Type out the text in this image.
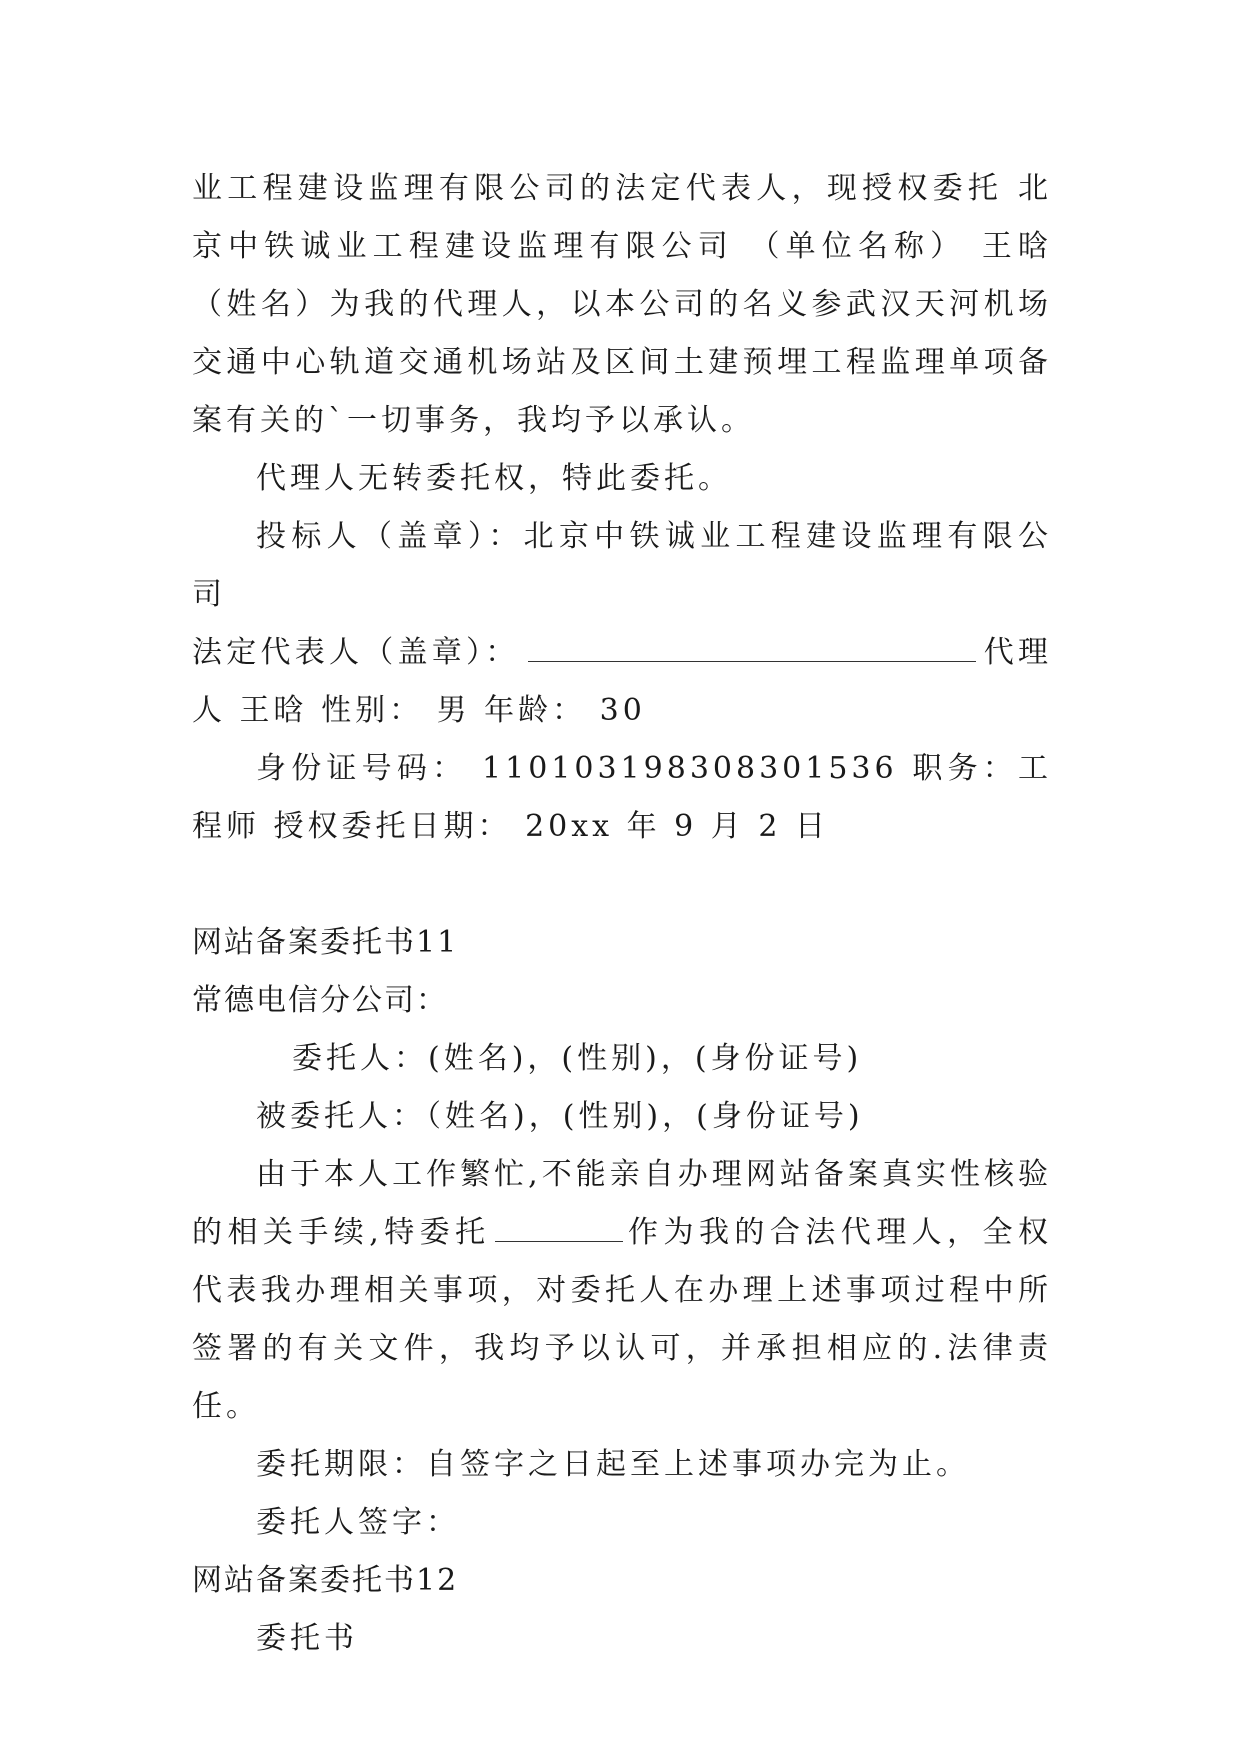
业工程建设监理有限公司的法定代表人，现授权委托 北京中铁诚业工程建设监理有限公司 （单位名称） 王晗 （姓名）为我的代理人，以本公司的名义参武汉天河机场交通中心轨道交通机场站及区间土建预埋工程监理单项备案有关的`一切事务，我均予以承认。

代理人无转委托权，特此委托。

投标人（盖章）：北京中铁诚业工程建设监理有限公司

法定代表人（盖章）：	代理人 王晗 性别： 男 年龄： 30

身份证号码： 110103198308301536 职务：工程师 授权委托日期： 20xx 年 9 月 2 日

网站备案委托书11

常德电信分公司：

委托人：(姓名)，(性别)，(身份证号)

被委托人：（姓名)，(性别)，(身份证号)

由于本人工作繁忙,不能亲自办理网站备案真实性核验的相关手续,特委托	作为我的合法代理人，全权代表我办理相关事项，对委托人在办理上述事项过程中所签署的有关文件，我均予以认可，并承担相应的.法律责任。

委托期限：自签字之日起至上述事项办完为止。

委托人签字：

网站备案委托书12

委托书
